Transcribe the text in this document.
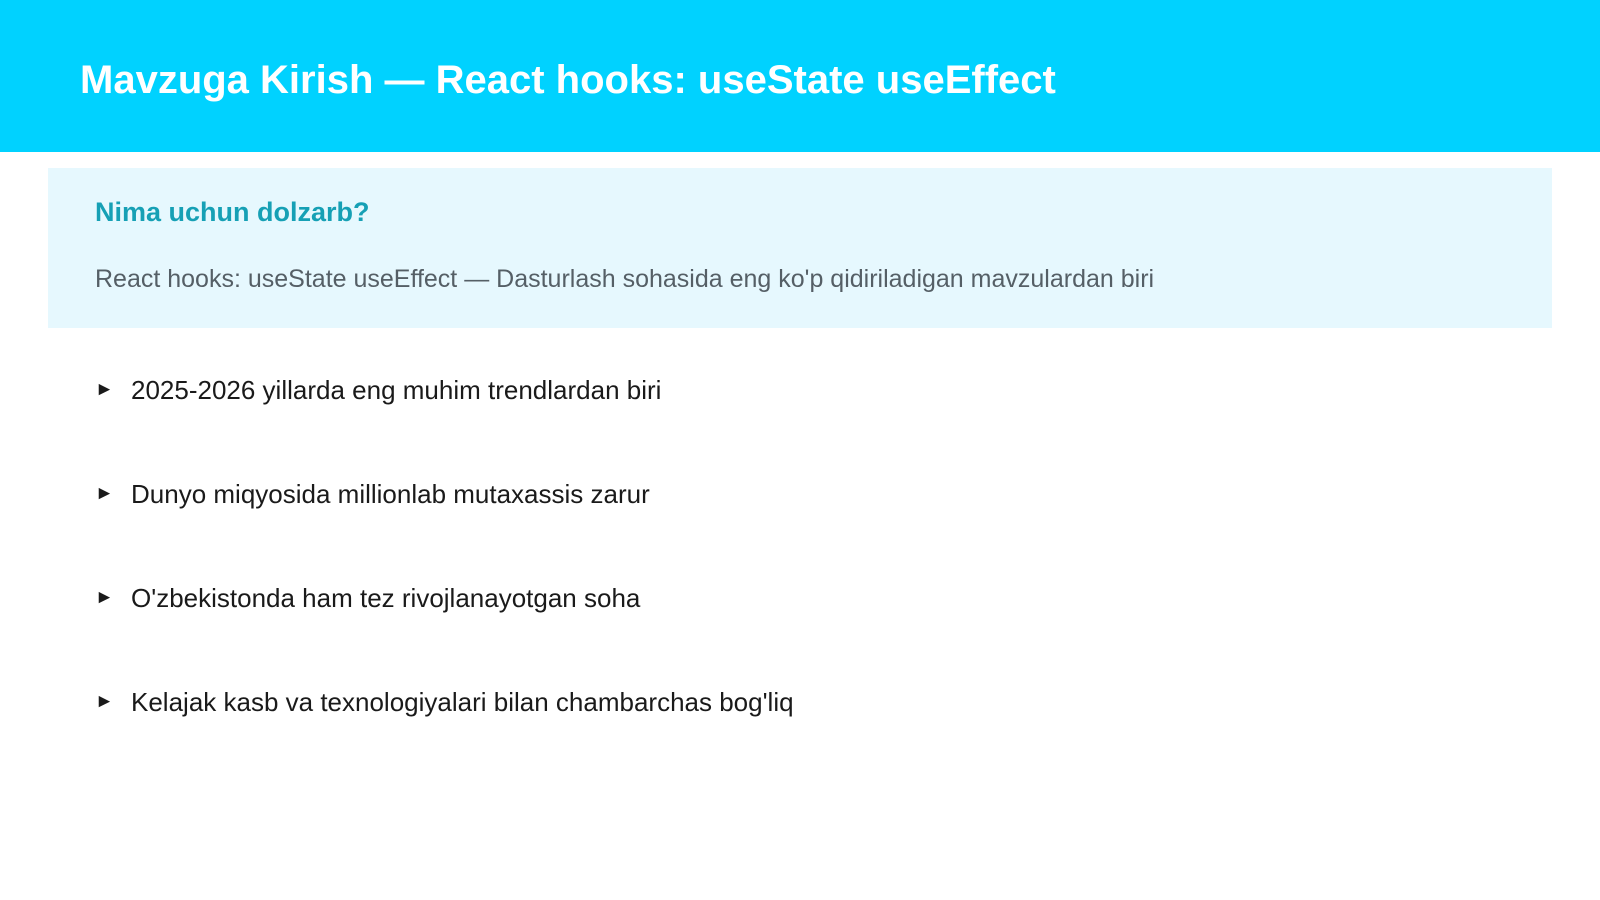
Mavzuga Kirish — React hooks: useState useEffect
Nima uchun dolzarb?

React hooks: useState useEffect — Dasturlash sohasida eng ko'p qidiriladigan mavzulardan biri

► 2025-2026 yillarda eng muhim trendlardan biri
► Dunyo miqyosida millionlab mutaxassis zarur
► O'zbekistonda ham tez rivojlanayotgan soha
► Kelajak kasb va texnologiyalari bilan chambarchas bog'liq
